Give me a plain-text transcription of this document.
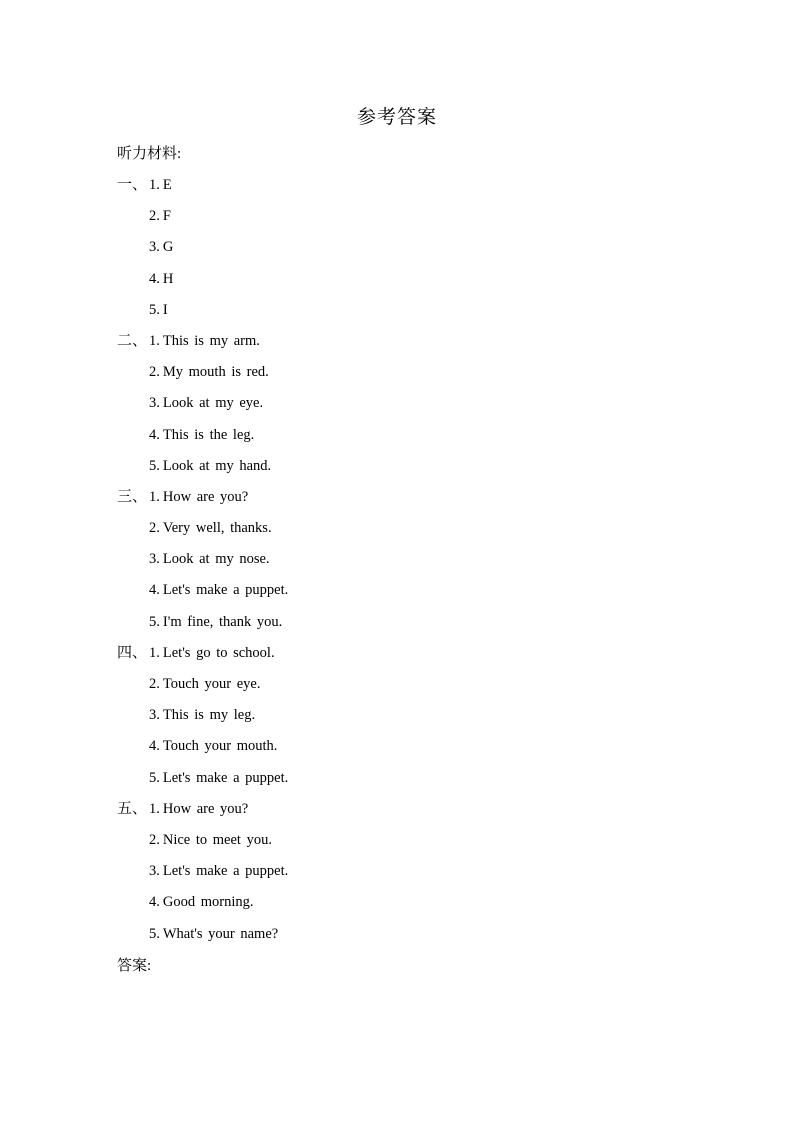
参考答案
听力材料:
一、 1. E
2. F
3. G
4. H
5. I
二、 1. This is my arm.
2. My mouth is red.
3. Look at my eye.
4. This is the leg.
5. Look at my hand.
三、 1. How are you?
2. Very well, thanks.
3. Look at my nose.
4. Let's make a puppet.
5. I'm fine, thank you.
四、 1. Let's go to school.
2. Touch your eye.
3. This is my leg.
4. Touch your mouth.
5. Let's make a puppet.
五、 1. How are you?
2. Nice to meet you.
3. Let's make a puppet.
4. Good morning.
5. What's your name?
答案:
